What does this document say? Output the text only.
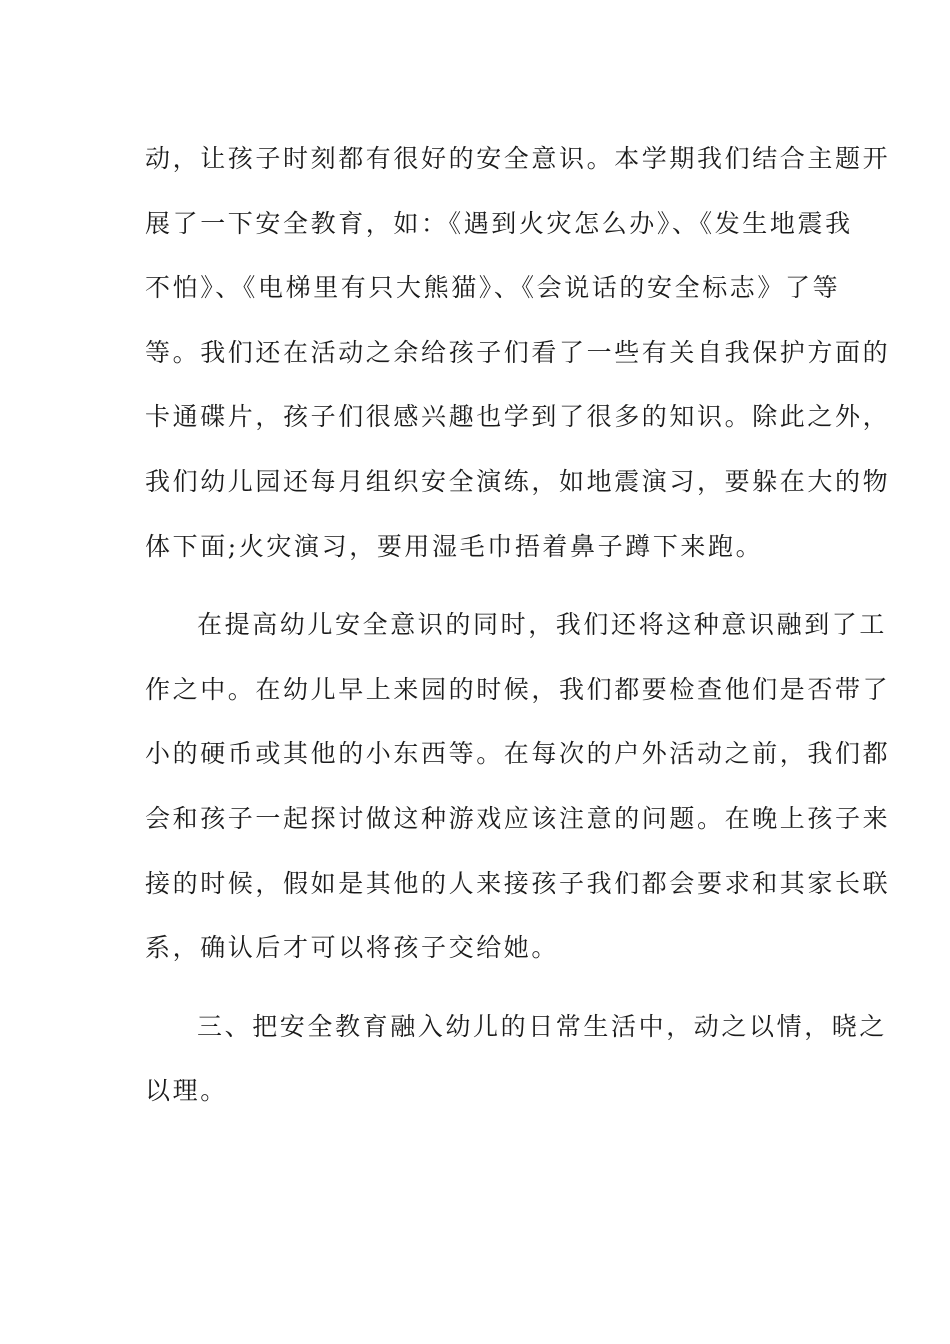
动，让孩子时刻都有很好的安全意识。本学期我们结合主题开
展了一下安全教育，如：《遇到火灾怎么办》、《发生地震我
不怕》、《电梯里有只大熊猫》、《会说话的安全标志》了等
等。我们还在活动之余给孩子们看了一些有关自我保护方面的
卡通碟片，孩子们很感兴趣也学到了很多的知识。除此之外，
我们幼儿园还每月组织安全演练，如地震演习，要躲在大的物
体下面;火灾演习，要用湿毛巾捂着鼻子蹲下来跑。
在提高幼儿安全意识的同时，我们还将这种意识融到了工
作之中。在幼儿早上来园的时候，我们都要检查他们是否带了
小的硬币或其他的小东西等。在每次的户外活动之前，我们都
会和孩子一起探讨做这种游戏应该注意的问题。在晚上孩子来
接的时候，假如是其他的人来接孩子我们都会要求和其家长联
系，确认后才可以将孩子交给她。
三、把安全教育融入幼儿的日常生活中，动之以情，晓之
以理。
